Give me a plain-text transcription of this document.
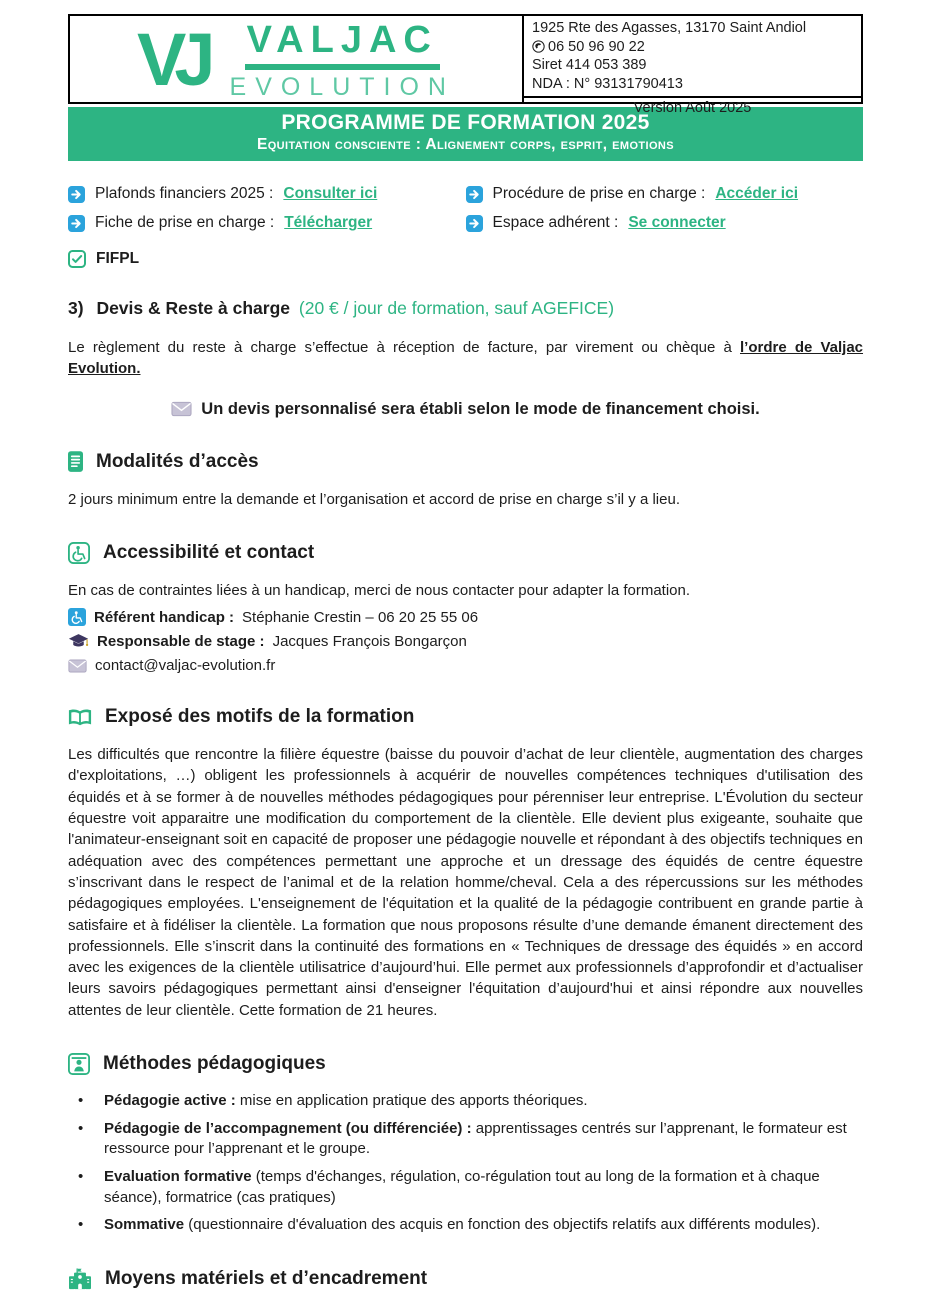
VJ VALJAC
EVOLUTION
1925 Rte des Agasses, 13170 Saint Andiol
06 50 96 90 22
Siret 414 053 389
NDA : N° 93131790413
Version Août 2025
PROGRAMME DE FORMATION 2025
Equitation consciente : Alignement corps, esprit, emotions
Plafonds financiers 2025 : Consulter ici
Fiche de prise en charge : Télécharger
Procédure de prise en charge : Accéder ici
Espace adhérent : Se connecter
FIFPL
3) Devis & Reste à charge (20 € / jour de formation, sauf AGEFICE)
Le règlement du reste à charge s’effectue à réception de facture, par virement ou chèque à l’ordre de Valjac Evolution.
Un devis personnalisé sera établi selon le mode de financement choisi.
Modalités d’accès
2 jours minimum entre la demande et l’organisation et accord de prise en charge s’il y a lieu.
Accessibilité et contact
En cas de contraintes liées à un handicap, merci de nous contacter pour adapter la formation.
Référent handicap : Stéphanie Crestin – 06 20 25 55 06
Responsable de stage : Jacques François Bongarçon
contact@valjac-evolution.fr
Exposé des motifs de la formation
Les difficultés que rencontre la filière équestre (baisse du pouvoir d’achat de leur clientèle, augmentation des charges d'exploitations, …) obligent les professionnels à acquérir de nouvelles compétences techniques d'utilisation des équidés et à se former à de nouvelles méthodes pédagogiques pour pérenniser leur entreprise. L'Évolution du secteur équestre voit apparaitre une modification du comportement de la clientèle. Elle devient plus exigeante, souhaite que l'animateur-enseignant soit en capacité de proposer une pédagogie nouvelle et répondant à des objectifs techniques en adéquation avec des compétences permettant une approche et un dressage des équidés de centre équestre s’inscrivant dans le respect de l’animal et de la relation homme/cheval. Cela a des répercussions sur les méthodes pédagogiques employées. L'enseignement de l'équitation et la qualité de la pédagogie contribuent en grande partie à satisfaire et à fidéliser la clientèle. La formation que nous proposons résulte d’une demande émanent directement des professionnels. Elle s’inscrit dans la continuité des formations en « Techniques de dressage des équidés » en accord avec les exigences de la clientèle utilisatrice d’aujourd’hui. Elle permet aux professionnels d’approfondir et d’actualiser leurs savoirs pédagogiques permettant ainsi d'enseigner l'équitation d’aujourd'hui et ainsi répondre aux nouvelles attentes de leur clientèle. Cette formation de 21 heures.
Méthodes pédagogiques
• Pédagogie active : mise en application pratique des apports théoriques.
• Pédagogie de l’accompagnement (ou différenciée) : apprentissages centrés sur l’apprenant, le formateur est ressource pour l’apprenant et le groupe.
• Evaluation formative (temps d'échanges, régulation, co-régulation tout au long de la formation et à chaque séance), formatrice (cas pratiques)
• Sommative (questionnaire d'évaluation des acquis en fonction des objectifs relatifs aux différents modules).
Moyens matériels et d’encadrement
